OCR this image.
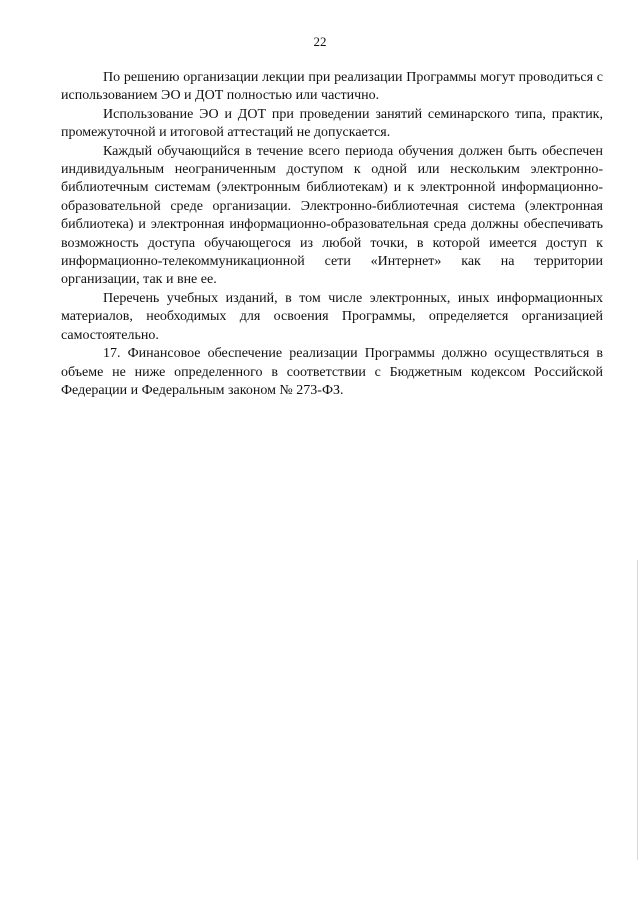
22

По решению организации лекции при реализации Программы могут проводиться с использованием ЭО и ДОТ полностью или частично.

Использование ЭО и ДОТ при проведении занятий семинарского типа, практик, промежуточной и итоговой аттестаций не допускается.

Каждый обучающийся в течение всего периода обучения должен быть обеспечен индивидуальным неограниченным доступом к одной или нескольким электронно-библиотечным системам (электронным библиотекам) и к электронной информационно-образовательной среде организации. Электронно-библиотечная система (электронная библиотека) и электронная информационно-образовательная среда должны обеспечивать возможность доступа обучающегося из любой точки, в которой имеется доступ к информационно-телекоммуникационной сети «Интернет» как на территории организации, так и вне ее.

Перечень учебных изданий, в том числе электронных, иных информационных материалов, необходимых для освоения Программы, определяется организацией самостоятельно.

17. Финансовое обеспечение реализации Программы должно осуществляться в объеме не ниже определенного в соответствии с Бюджетным кодексом Российской Федерации и Федеральным законом № 273-ФЗ.
